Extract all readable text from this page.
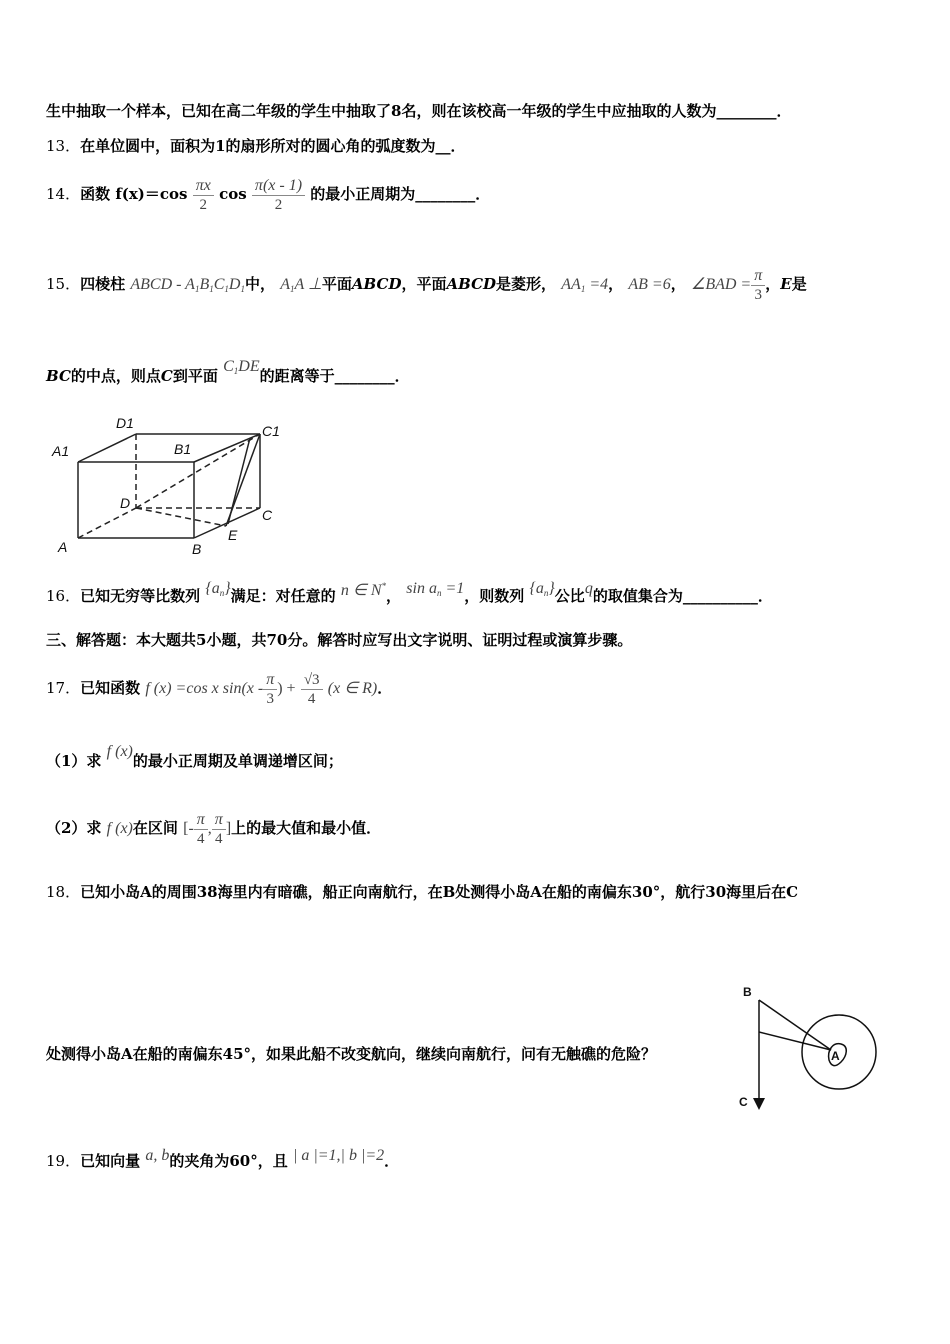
生中抽取一个样本，已知在高二年级的学生中抽取了8名，则在该校高一年级的学生中应抽取的人数为________．
13．在单位圆中，面积为1的扇形所对的圆心角的弧度数为__．
14．函数 $f(x)=\cos \frac{\pi x}{2}$ $\cos \frac{\pi(x - 1)}{2}$ 的最小正周期为________．
15．四棱柱 ABCD - $A_1B_1C_1D_1$中， $A_1A$ ⊥平面ABCD，平面ABCD是菱形， $AA_1 =4$， AB =6， ∠BAD = $\frac{\pi}{3}$ ，E是
BC的中点，则点C到平面 $C_1DE$的距离等于________．
D1	C1
A1	B1
D
C
A	B
E
16．已知无穷等比数列 $\{a_n\}$满足：对任意的 n ∈ N*， $\sin a_n =1$，则数列 $\{a_n\}$公比q的取值集合为__________．
三、解答题：本大题共5小题，共70分。解答时应写出文字说明、证明过程或演算步骤。
17．已知函数 f (x) =cos x $\sin(x - \frac{\pi}{3}$ ) + $\frac{√3}{4} (x$ ∈ R)．
（1）求 f (x)的最小正周期及单调递增区间；
（2）求 f (x)在区间 [- $\frac{\pi}{4}$ , $\frac{\pi}{4}$ ]上的最大值和最小值．
18．已知小岛A的周围38海里内有暗礁，船正向南航行，在B处测得小岛A在船的南偏东30°，航行30海里后在C
处测得小岛A在船的南偏东45°，如果此船不改变航向，继续向南航行，问有无触礁的危险？
B
C
A
19．已知向量 a, b的夹角为60°，且 | a |=1,| b |=2．
